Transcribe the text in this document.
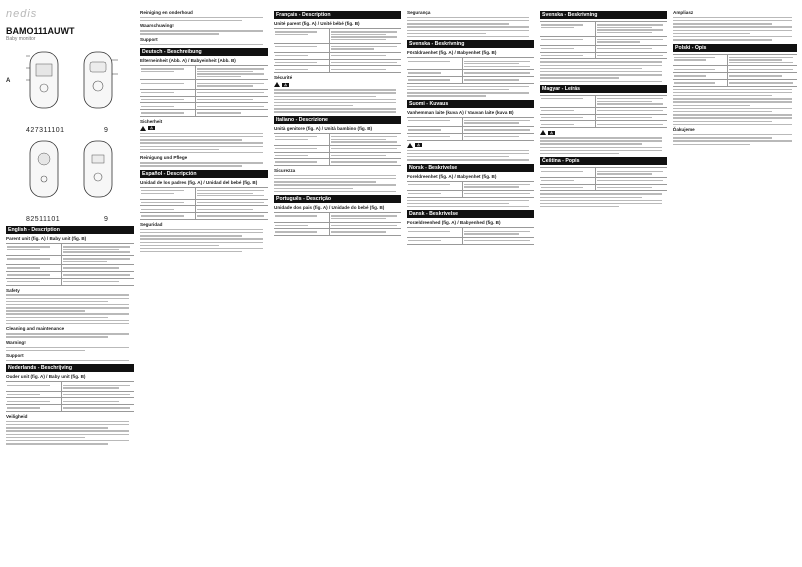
nedis
BAMO111AUWT
Baby monitor
A
427311101	9
82511101	9
English - Description
Parent unit (fig. A) / Baby unit (fig. B)
Safety
Cleaning and maintenance
Warning!
Support
Nederlands - Beschrijving
Ouder unit (fig. A) / Baby unit (fig. B)
Veiligheid
Reiniging en onderhoud
Waarschuwing!
Support
Deutsch - Beschreibung
Elterneinheit (Abb. A) / Babyeinheit (Abb. B)
Sicherheit
⚠
Reinigung und Pflege
Español - Descripción
Unidad de los padres (fig. A) / Unidad del bebé (fig. B)
Seguridad
Français - Description
Unité parent (fig. A) / Unité bébé (fig. B)
Sécurité
⚠
Italiano - Descrizione
Unità genitore (fig. A) / Unità bambino (fig. B)
Sicurezza
Português - Descrição
Unidade dos pais (fig. A) / Unidade do bebé (fig. B)
Segurança
Svenska - Beskrivning
Föräldraenhet (fig. A) / Babyenhet (fig. B)
Suomi - Kuvaus
Vanhemman laite (kuva A) / Vauvan laite (kuva B)
⚠
Norsk - Beskrivelse
Foreldreenhet (fig. A) / Babyenhet (fig. B)
Dansk - Beskrivelse
Forældreenhed (fig. A) / Babyenhed (fig. B)
Svenska - Beskrivning
Magyar - Leírás
⚠
Čeština - Popis
Ampliasz
Polski - Opis
Ďakujeme
